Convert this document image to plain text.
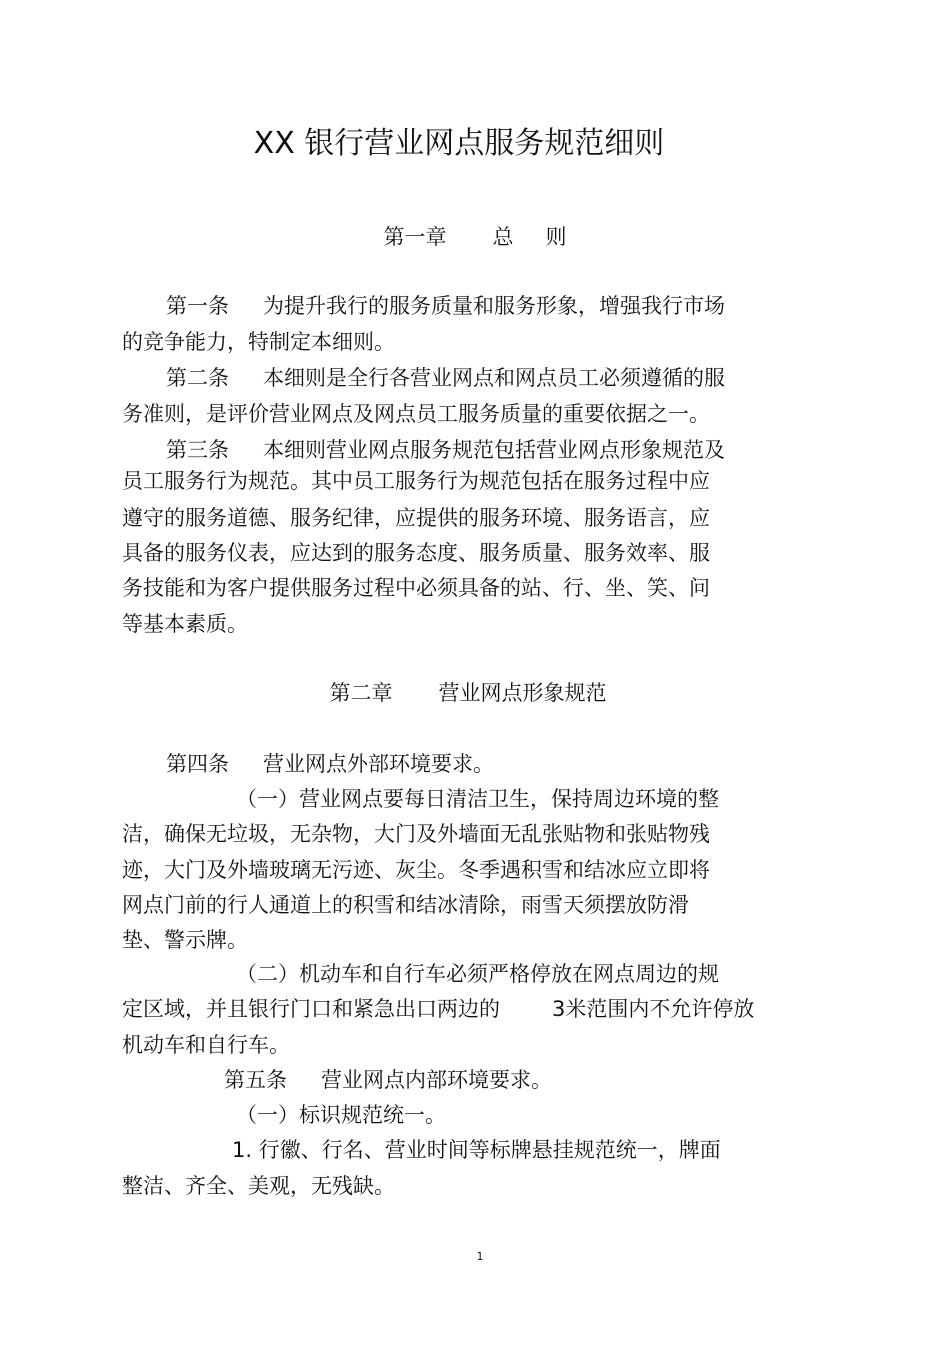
XX 银行营业网点服务规范细则
第一章 总 则
第一条 为提升我行的服务质量和服务形象，增强我行市场
的竞争能力，特制定本细则。
第二条 本细则是全行各营业网点和网点员工必须遵循的服
务准则，是评价营业网点及网点员工服务质量的重要依据之一。
第三条 本细则营业网点服务规范包括营业网点形象规范及
员工服务行为规范。其中员工服务行为规范包括在服务过程中应
遵守的服务道德、服务纪律，应提供的服务环境、服务语言，应
具备的服务仪表，应达到的服务态度、服务质量、服务效率、服
务技能和为客户提供服务过程中必须具备的站、行、坐、笑、问
等基本素质。
第二章 营业网点形象规范
第四条 营业网点外部环境要求。
（一）营业网点要每日清洁卫生，保持周边环境的整
洁，确保无垃圾，无杂物，大门及外墙面无乱张贴物和张贴物残
迹，大门及外墙玻璃无污迹、灰尘。冬季遇积雪和结冰应立即将
网点门前的行人通道上的积雪和结冰清除，雨雪天须摆放防滑
垫、警示牌。
（二）机动车和自行车必须严格停放在网点周边的规
定区域，并且银行门口和紧急出口两边的 3米范围内不允许停放
机动车和自行车。
第五条 营业网点内部环境要求。
（一）标识规范统一。
1. 行徽、行名、营业时间等标牌悬挂规范统一，牌面
整洁、齐全、美观，无残缺。
1
